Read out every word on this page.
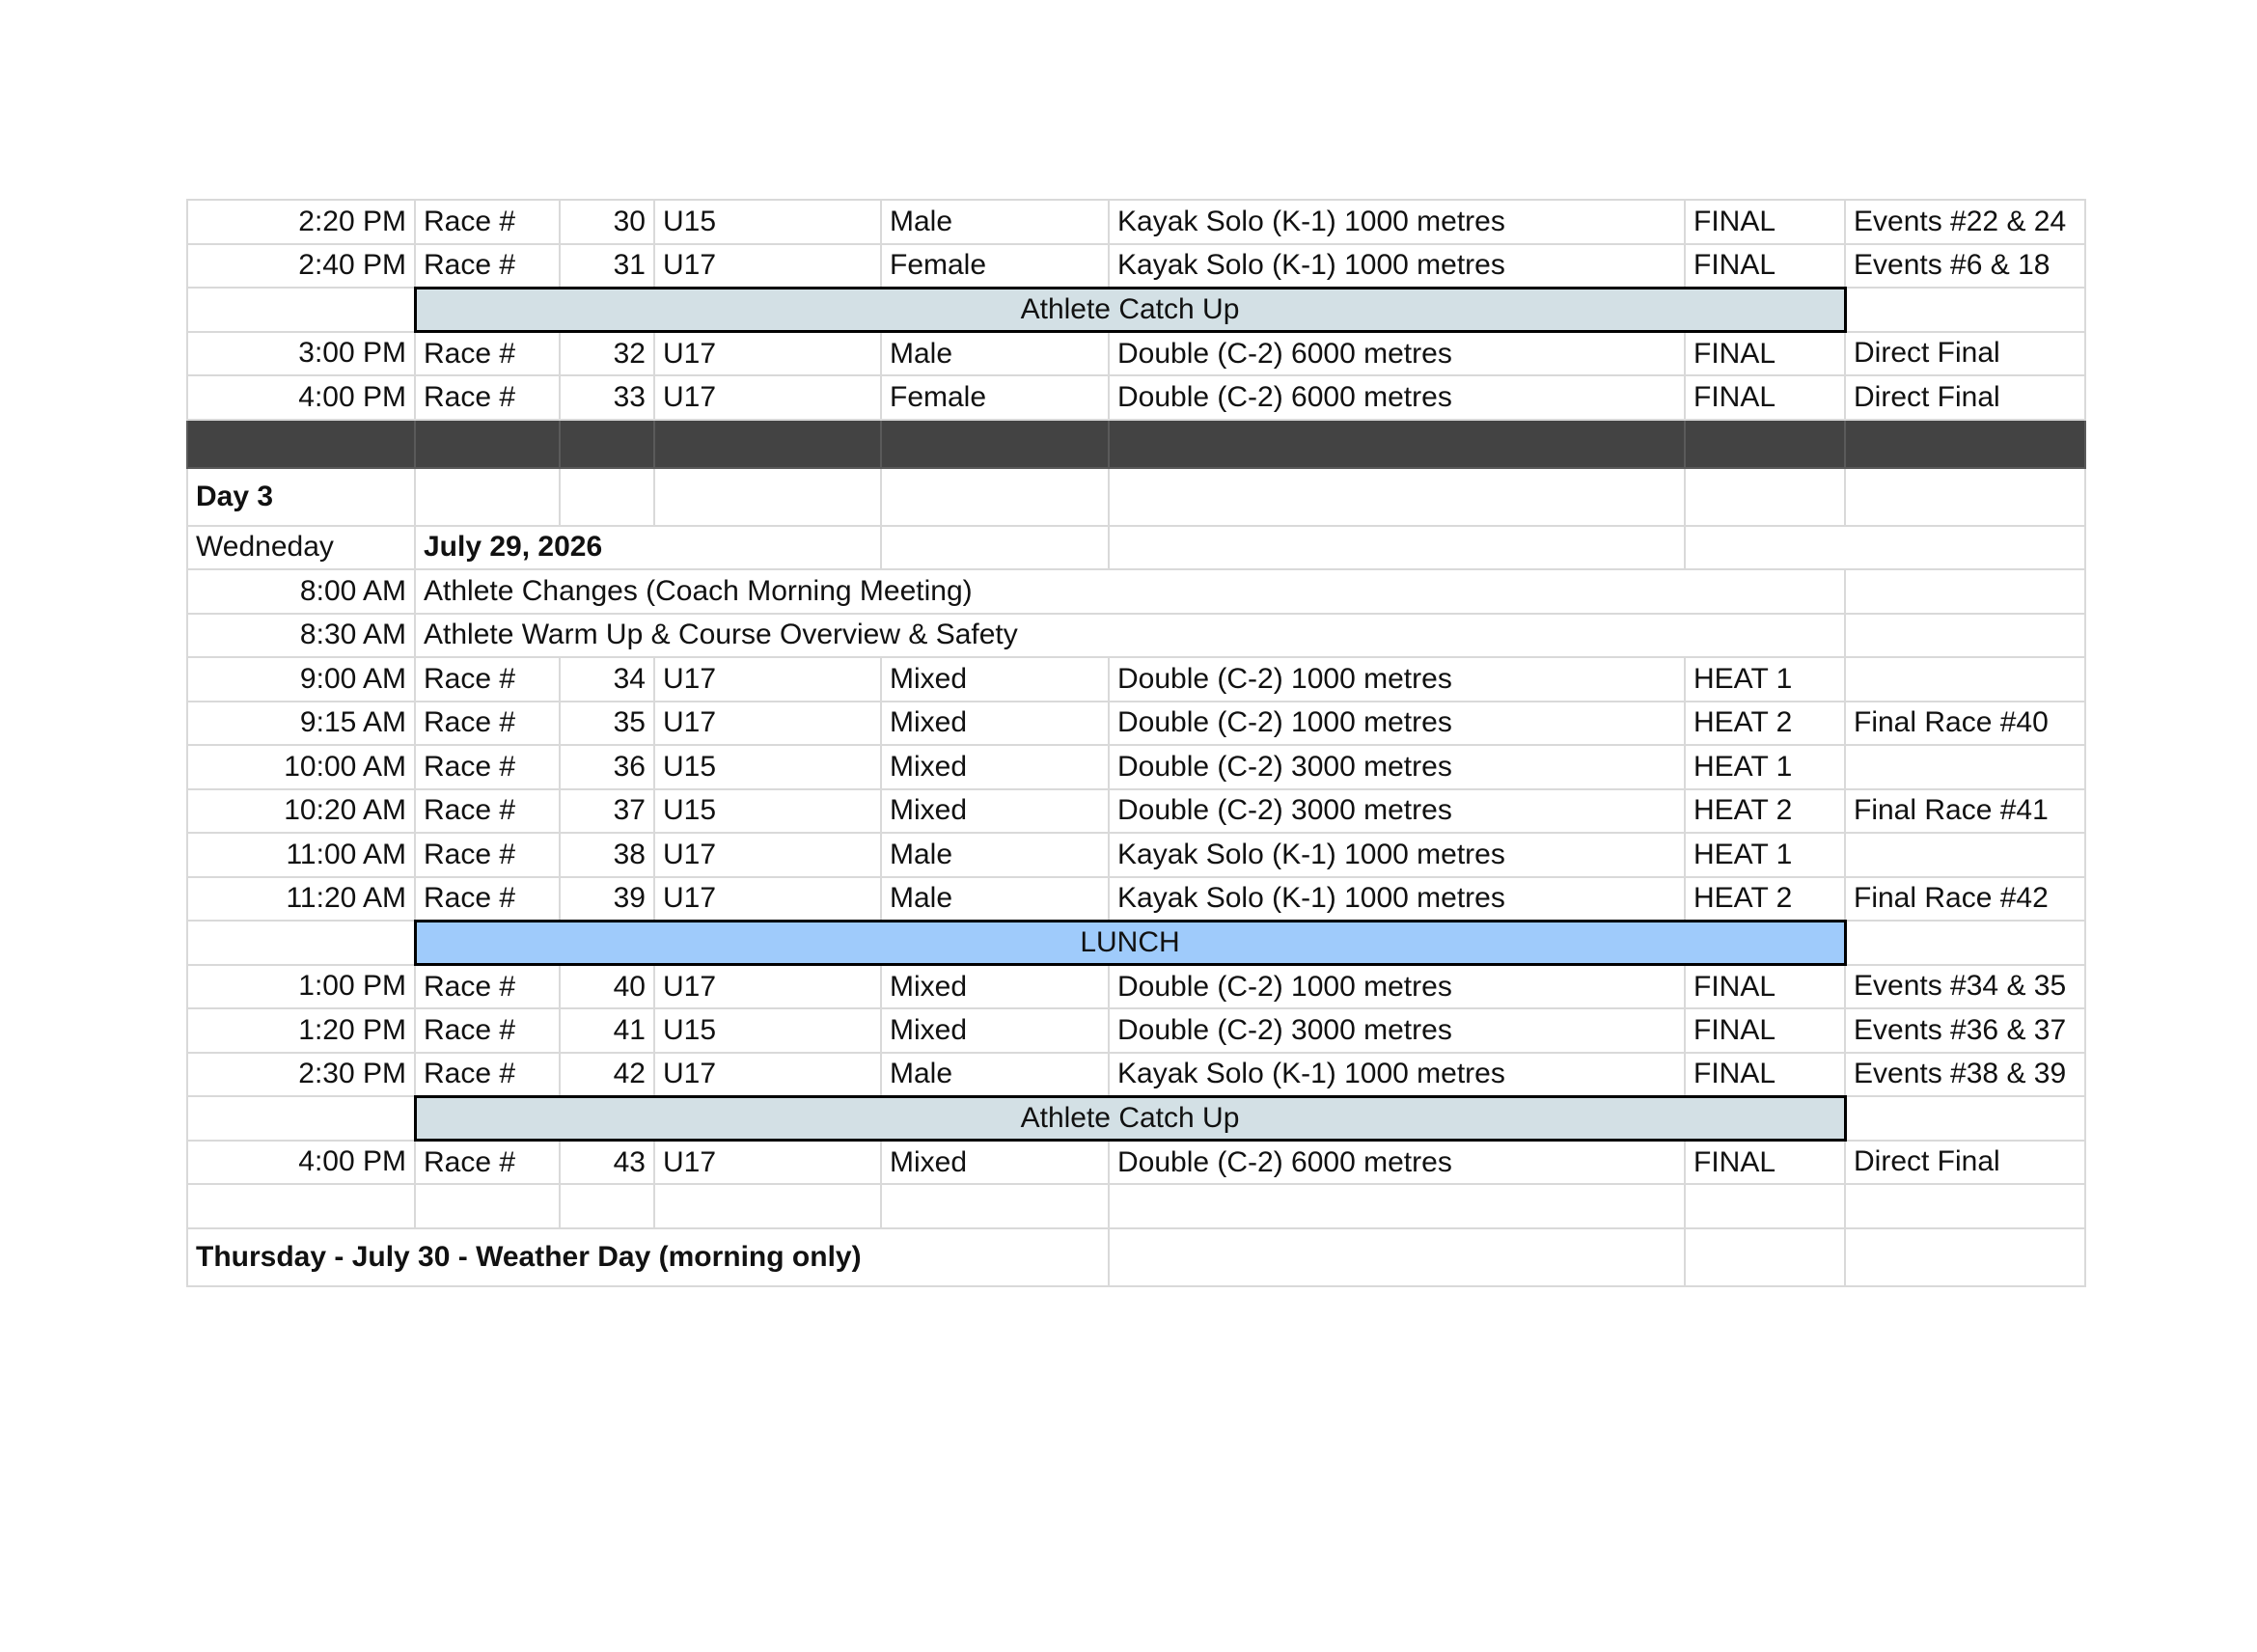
2:20 PM	Race #	30	U15	Male	Kayak Solo (K-1) 1000 metres	FINAL	Events #22 & 24
2:40 PM	Race #	31	U17	Female	Kayak Solo (K-1) 1000 metres	FINAL	Events #6 & 18
	Athlete Catch Up						
3:00 PM	Race #	32	U17	Male	Double (C-2) 6000 metres	FINAL	Direct Final
4:00 PM	Race #	33	U17	Female	Double (C-2) 6000 metres	FINAL	Direct Final

Day 3							
Wedneday	July 29, 2026						
8:00 AM	Athlete Changes (Coach Morning Meeting)						
8:30 AM	Athlete Warm Up & Course Overview & Safety						
9:00 AM	Race #	34	U17	Mixed	Double (C-2) 1000 metres	HEAT 1	
9:15 AM	Race #	35	U17	Mixed	Double (C-2) 1000 metres	HEAT 2	Final Race #40
10:00 AM	Race #	36	U15	Mixed	Double (C-2) 3000 metres	HEAT 1	
10:20 AM	Race #	37	U15	Mixed	Double (C-2) 3000 metres	HEAT 2	Final Race #41
11:00 AM	Race #	38	U17	Male	Kayak Solo (K-1) 1000 metres	HEAT 1	
11:20 AM	Race #	39	U17	Male	Kayak Solo (K-1) 1000 metres	HEAT 2	Final Race #42
	LUNCH						
1:00 PM	Race #	40	U17	Mixed	Double (C-2) 1000 metres	FINAL	Events #34 & 35
1:20 PM	Race #	41	U15	Mixed	Double (C-2) 3000 metres	FINAL	Events #36 & 37
2:30 PM	Race #	42	U17	Male	Kayak Solo (K-1) 1000 metres	FINAL	Events #38 & 39
	Athlete Catch Up						
4:00 PM	Race #	43	U17	Mixed	Double (C-2) 6000 metres	FINAL	Direct Final

Thursday - July 30 - Weather Day (morning only)							
